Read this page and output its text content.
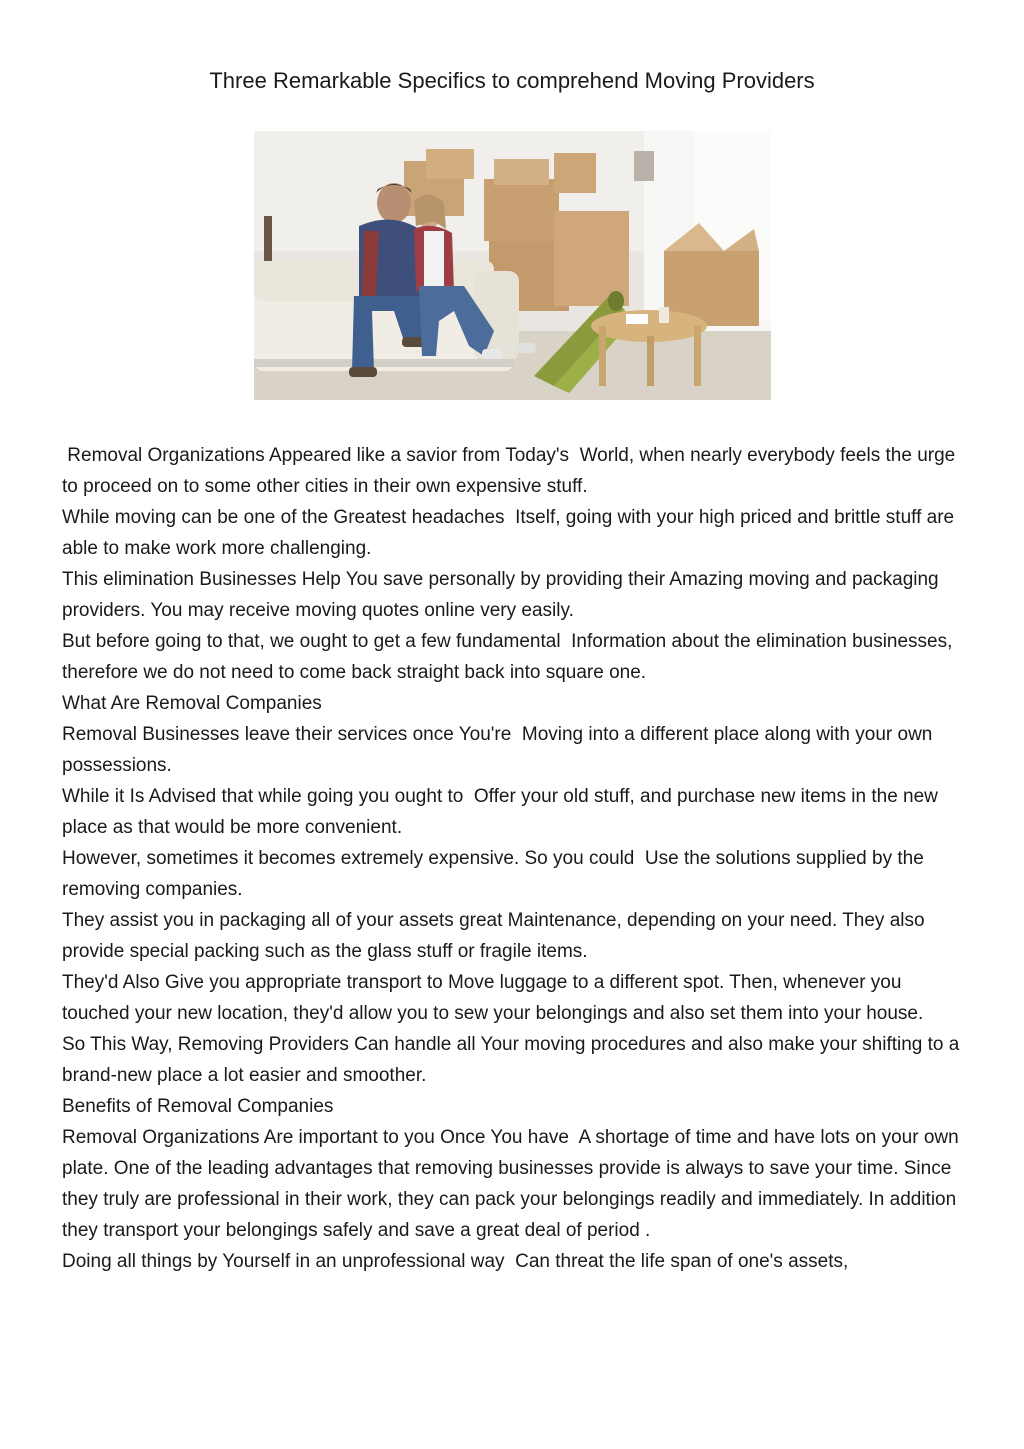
Three Remarkable Specifics to comprehend Moving Providers

Removal Organizations Appeared like a savior from Today's  World, when nearly everybody feels the urge to proceed on to some other cities in their own expensive stuff.

While moving can be one of the Greatest headaches  Itself, going with your high priced and brittle stuff are able to make work more challenging.

This elimination Businesses Help You save personally by providing their Amazing moving and packaging providers. You may receive moving quotes online very easily.

But before going to that, we ought to get a few fundamental  Information about the elimination businesses, therefore we do not need to come back straight back into square one.

What Are Removal Companies

Removal Businesses leave their services once You're  Moving into a different place along with your own possessions.

While it Is Advised that while going you ought to  Offer your old stuff, and purchase new items in the new place as that would be more convenient.

However, sometimes it becomes extremely expensive. So you could  Use the solutions supplied by the removing companies.

They assist you in packaging all of your assets great Maintenance, depending on your need. They also provide special packing such as the glass stuff or fragile items.

They'd Also Give you appropriate transport to Move luggage to a different spot. Then, whenever you touched your new location, they'd allow you to sew your belongings and also set them into your house.

So This Way, Removing Providers Can handle all Your moving procedures and also make your shifting to a brand-new place a lot easier and smoother.

Benefits of Removal Companies

Removal Organizations Are important to you Once You have  A shortage of time and have lots on your own plate. One of the leading advantages that removing businesses provide is always to save your time. Since they truly are professional in their work, they can pack your belongings readily and immediately. In addition they transport your belongings safely and save a great deal of period .

Doing all things by Yourself in an unprofessional way  Can threat the life span of one's assets,
